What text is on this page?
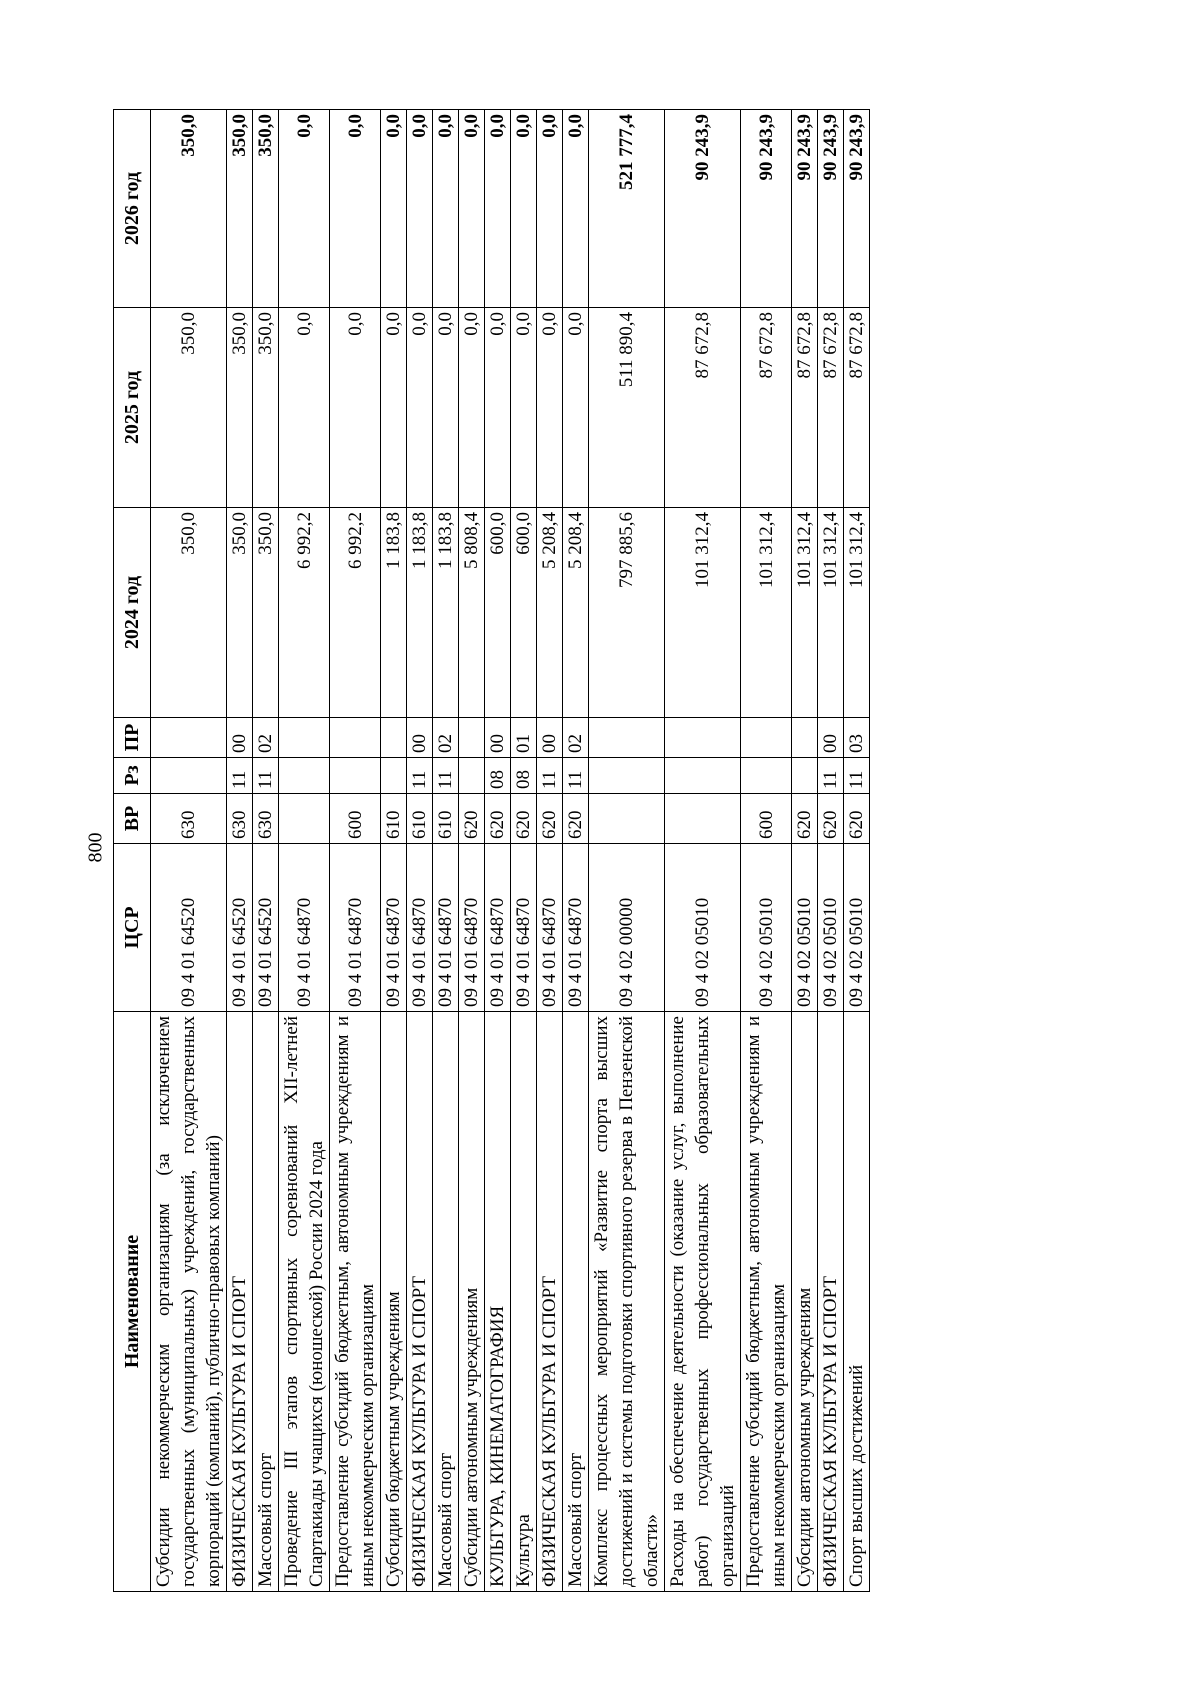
800
Наименование	ЦСР	ВР	Рз	ПР	2024 год	2025 год	2026 год
Субсидии некоммерческим организациям (за исключением государственных (муниципальных) учреждений, государственных корпораций (компаний), публично-правовых компаний)	09 4 01 64520	630			350,0	350,0	350,0
ФИЗИЧЕСКАЯ КУЛЬТУРА И СПОРТ	09 4 01 64520	630	11	00	350,0	350,0	350,0
Массовый спорт	09 4 01 64520	630	11	02	350,0	350,0	350,0
Проведение III этапов спортивных соревнований XII-летней Спартакиады учащихся (юношеской) России 2024 года	09 4 01 64870				6 992,2	0,0	0,0
Предоставление субсидий бюджетным, автономным учреждениям и иным некоммерческим организациям	09 4 01 64870	600			6 992,2	0,0	0,0
Субсидии бюджетным учреждениям	09 4 01 64870	610			1 183,8	0,0	0,0
ФИЗИЧЕСКАЯ КУЛЬТУРА И СПОРТ	09 4 01 64870	610	11	00	1 183,8	0,0	0,0
Массовый спорт	09 4 01 64870	610	11	02	1 183,8	0,0	0,0
Субсидии автономным учреждениям	09 4 01 64870	620			5 808,4	0,0	0,0
КУЛЬТУРА, КИНЕМАТОГРАФИЯ	09 4 01 64870	620	08	00	600,0	0,0	0,0
Культура	09 4 01 64870	620	08	01	600,0	0,0	0,0
ФИЗИЧЕСКАЯ КУЛЬТУРА И СПОРТ	09 4 01 64870	620	11	00	5 208,4	0,0	0,0
Массовый спорт	09 4 01 64870	620	11	02	5 208,4	0,0	0,0
Комплекс процессных мероприятий «Развитие спорта высших достижений и системы подготовки спортивного резерва в Пензенской области»	09 4 02 00000				797 885,6	511 890,4	521 777,4
Расходы на обеспечение деятельности (оказание услуг, выполнение работ) государственных профессиональных образовательных организаций	09 4 02 05010				101 312,4	87 672,8	90 243,9
Предоставление субсидий бюджетным, автономным учреждениям и иным некоммерческим организациям	09 4 02 05010	600			101 312,4	87 672,8	90 243,9
Субсидии автономным учреждениям	09 4 02 05010	620			101 312,4	87 672,8	90 243,9
ФИЗИЧЕСКАЯ КУЛЬТУРА И СПОРТ	09 4 02 05010	620	11	00	101 312,4	87 672,8	90 243,9
Спорт высших достижений	09 4 02 05010	620	11	03	101 312,4	87 672,8	90 243,9
